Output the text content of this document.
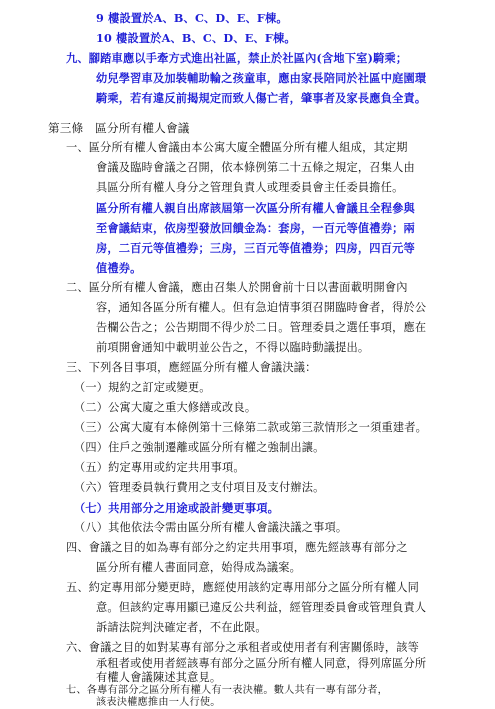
9 樓設置於A、B、C、D、E、F棟。
10 樓設置於A、B、C、D、E、F棟。
九、腳踏車應以手牽方式進出社區，禁止於社區內(含地下室)騎乘；
幼兒學習車及加裝輔助輪之孩童車，應由家長陪同於社區中庭園環
騎乘，若有違反前揭規定而致人傷亡者，肇事者及家長應負全責。
第三條　區分所有權人會議
一、區分所有權人會議由本公寓大廈全體區分所有權人組成，其定期
會議及臨時會議之召開，依本條例第二十五條之規定，召集人由
具區分所有權人身分之管理負責人或理委員會主任委員擔任。
區分所有權人親自出席該屆第一次區分所有權人會議且全程參與
至會議結束，依房型發放回饋金為：套房，一百元等值禮券；兩
房，二百元等值禮券；三房，三百元等值禮券；四房，四百元等
值禮券。
二、區分所有權人會議，應由召集人於開會前十日以書面載明開會內
容，通知各區分所有權人。但有急迫情事須召開臨時會者，得於公
告欄公告之；公告期間不得少於二日。管理委員之選任事項，應在
前項開會通知中載明並公告之，不得以臨時動議提出。
三、下列各目事項，應經區分所有權人會議決議：
（一）規約之訂定或變更。
（二）公寓大廈之重大修繕或改良。
（三）公寓大廈有本條例第十三條第二款或第三款情形之一須重建者。
（四）住戶之強制遷離或區分所有權之強制出讓。
（五）約定專用或約定共用事項。
（六）管理委員執行費用之支付項目及支付辦法。
（七）共用部分之用途或設計變更事項。
（八）其他依法令需由區分所有權人會議決議之事項。
四、會議之目的如為專有部分之約定共用事項，應先經該專有部分之
區分所有權人書面同意，始得成為議案。
五、約定專用部分變更時，應經使用該約定專用部分之區分所有權人同
意。但該約定專用顯已違反公共利益，經管理委員會或管理負責人
訴請法院判決確定者，不在此限。
六、會議之目的如對某專有部分之承租者或使用者有利害關係時，該等
承租者或使用者經該專有部分之區分所有權人同意，得列席區分所
有權人會議陳述其意見。
七、各專有部分之區分所有權人有一表決權。數人共有一專有部分者，
該表決權應推由一人行使。
